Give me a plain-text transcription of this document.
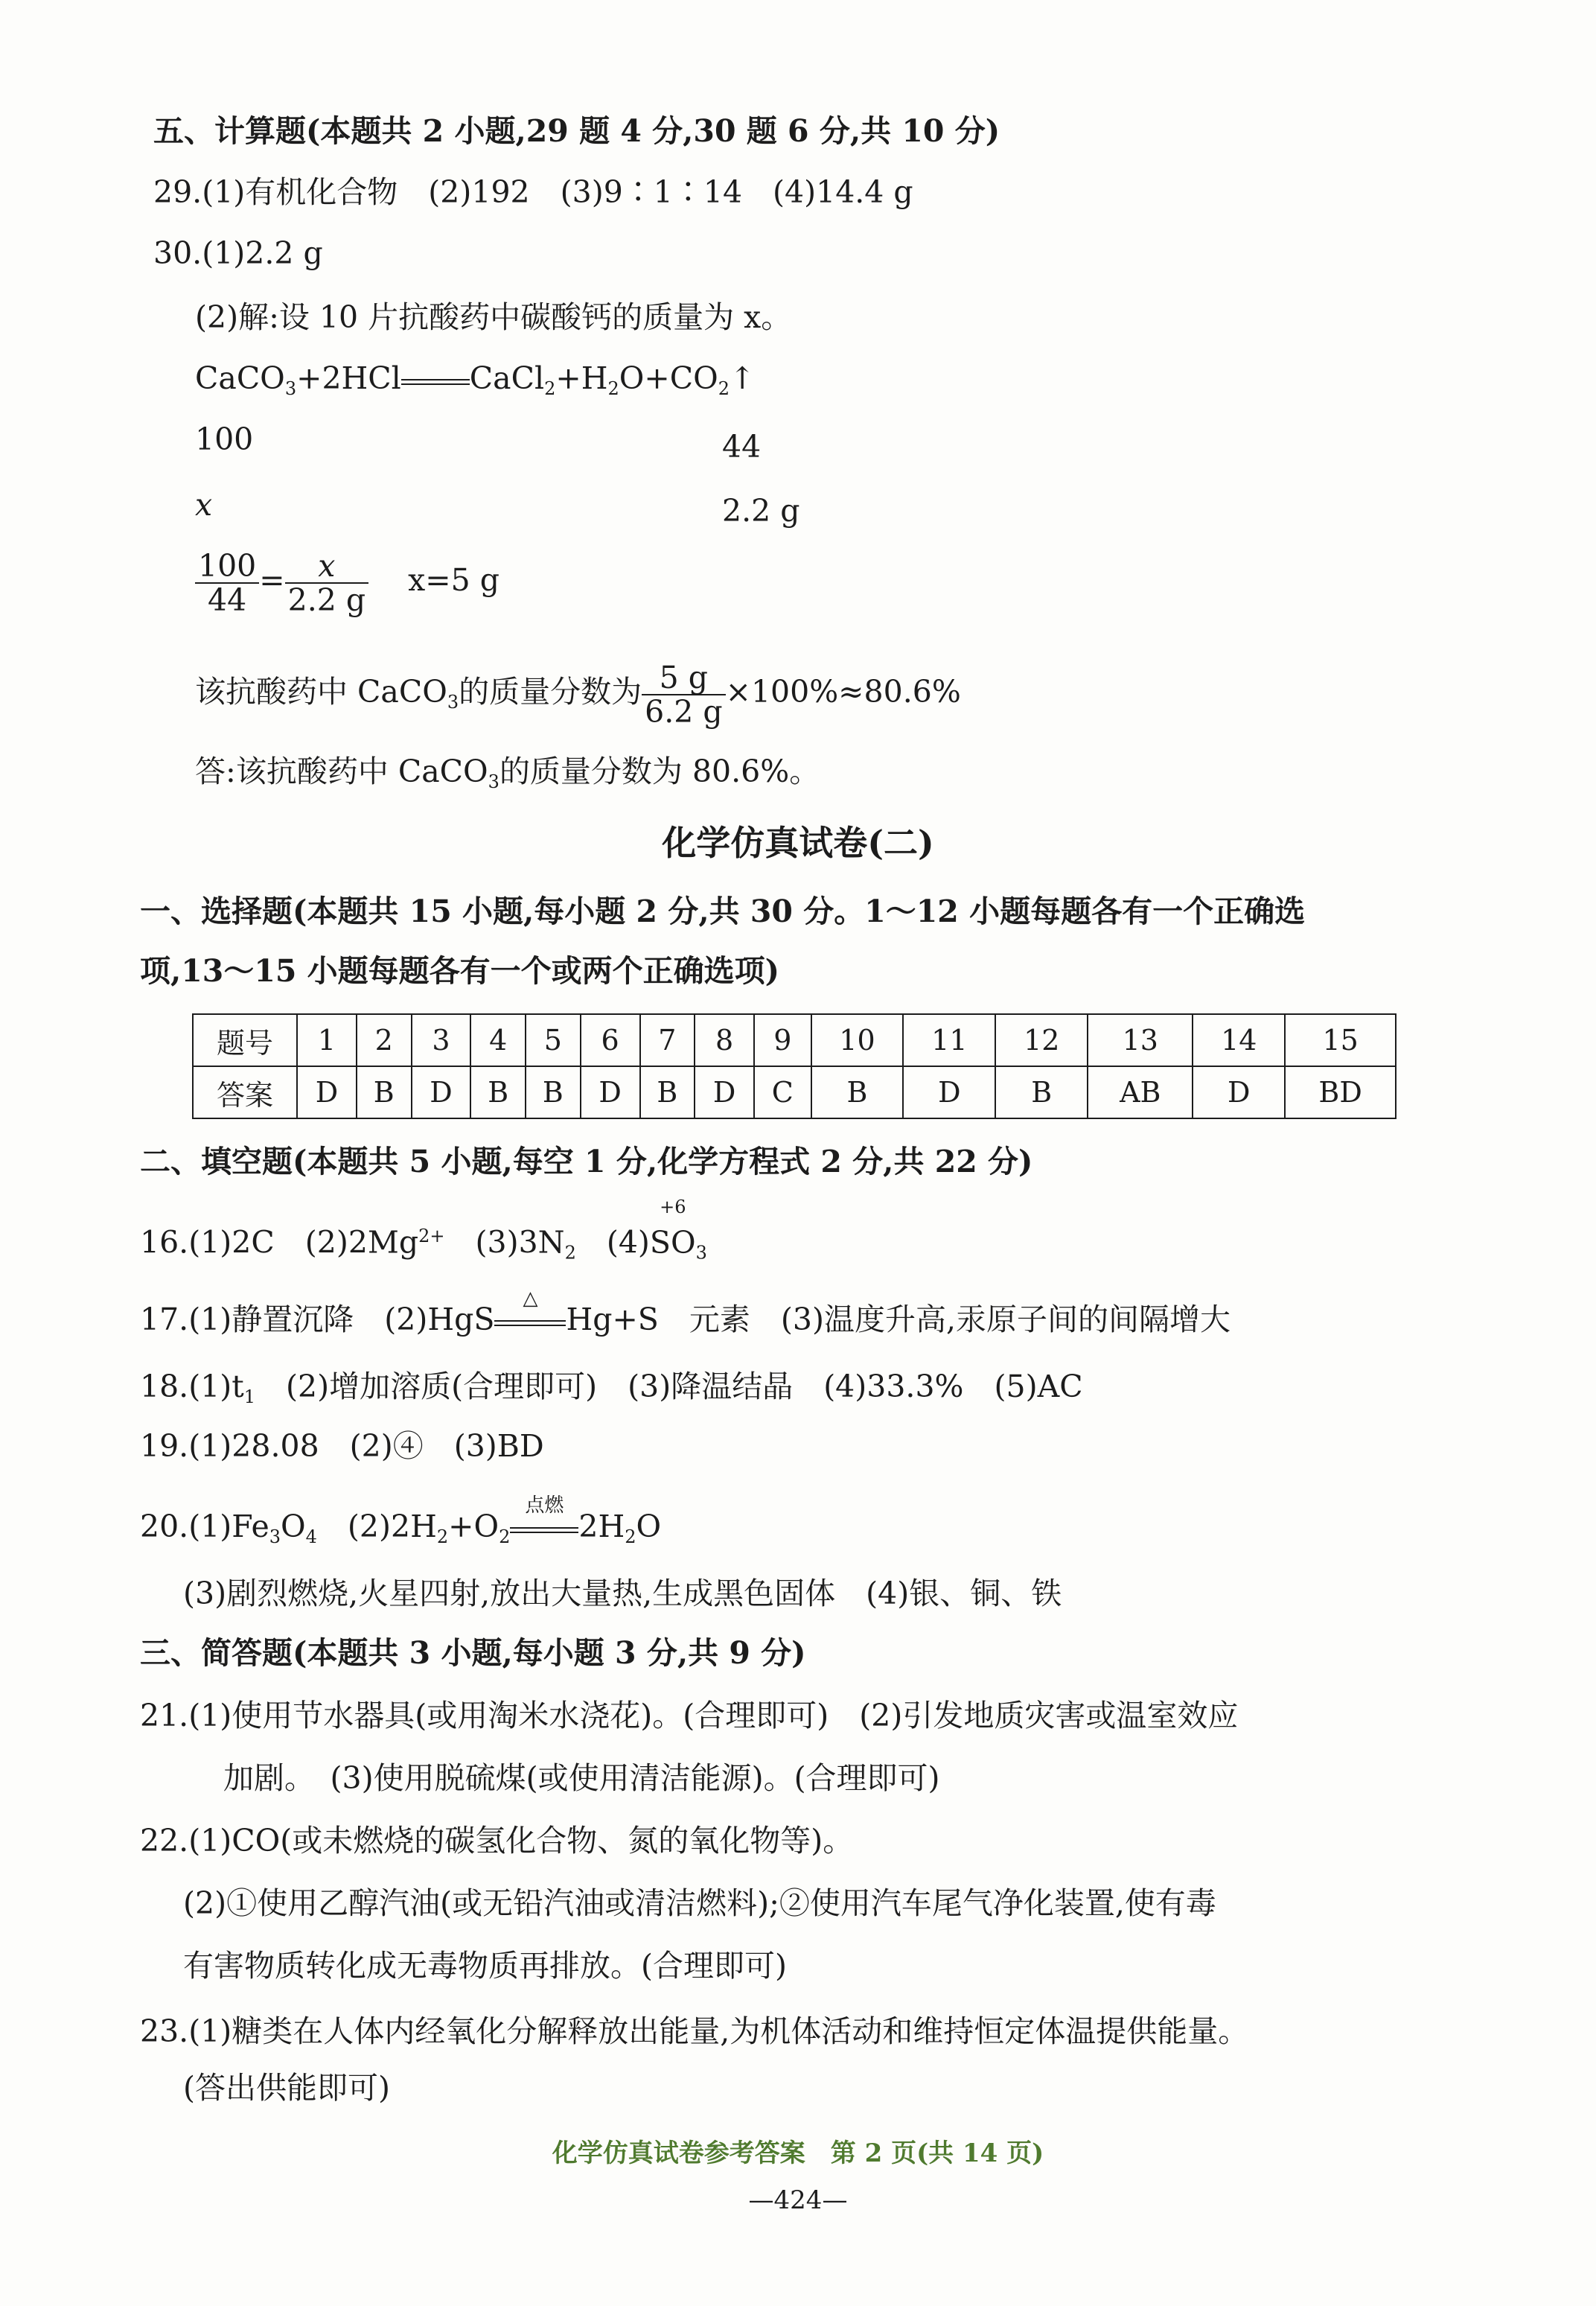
五、计算题(本题共 2 小题,29 题 4 分,30 题 6 分,共 10 分)
29.(1)有机化合物　(2)192　(3)9∶1∶14　(4)14.4 g
30.(1)2.2 g
(2)解:设 10 片抗酸药中碳酸钙的质量为 x。
CaCO$_3$+2HCl $CaCl_2+H_2O+CO_2↑$
100	44
x	2.2 g
$\frac{100}{44} = \frac{x}{2.2 g} x=5$ g
该抗酸药中 CaCO$_3$的质量分数为 $\frac{5 g}{6.2 g} \times 100\%\approx 80.6\%$
答:该抗酸药中 CaCO$_3$的质量分数为 80.6%。
化学仿真试卷(二)
一、选择题(本题共 15 小题,每小题 2 分,共 30 分。1～12 小题每题各有一个正确选
项,13～15 小题每题各有一个或两个正确选项)
题号	1	2	3	4	5	6	7	8	9	10	11	12	13	14	15
答案	D	B	D	B	B	D	B	D	C	B	D	B	AB	D	BD
二、填空题(本题共 5 小题,每空 1 分,化学方程式 2 分,共 22 分)
16.(1)2C　$(2)2Mg^{2+}$　$(3)3N_2$　(4)
+6
$SO_3$
17.(1)静置沉降　(2)HgS
△
Hg+S　元素　(3)温度升高,汞原子间的间隔增大
$18.(1)t_1$　(2)增加溶质(合理即可)　(3)降温结晶　(4)33.3%　(5)AC
19.(1)28.08　(2)④　(3)BD
$20.(1)Fe_3O_4$　$(2)2H_2+O_2$
点燃
$2H_2O$
(3)剧烈燃烧,火星四射,放出大量热,生成黑色固体　(4)银、铜、铁
三、简答题(本题共 3 小题,每小题 3 分,共 9 分)
21.(1)使用节水器具(或用淘米水浇花)。(合理即可)　(2)引发地质灾害或温室效应
加剧。　(3)使用脱硫煤(或使用清洁能源)。(合理即可)
22.(1)CO(或未燃烧的碳氢化合物、氮的氧化物等)。
(2)①使用乙醇汽油(或无铅汽油或清洁燃料);②使用汽车尾气净化装置,使有毒
有害物质转化成无毒物质再排放。(合理即可)
23.(1)糖类在人体内经氧化分解释放出能量,为机体活动和维持恒定体温提供能量。
(答出供能即可)
化学仿真试卷参考答案　第 2 页(共 14 页)
—424—
